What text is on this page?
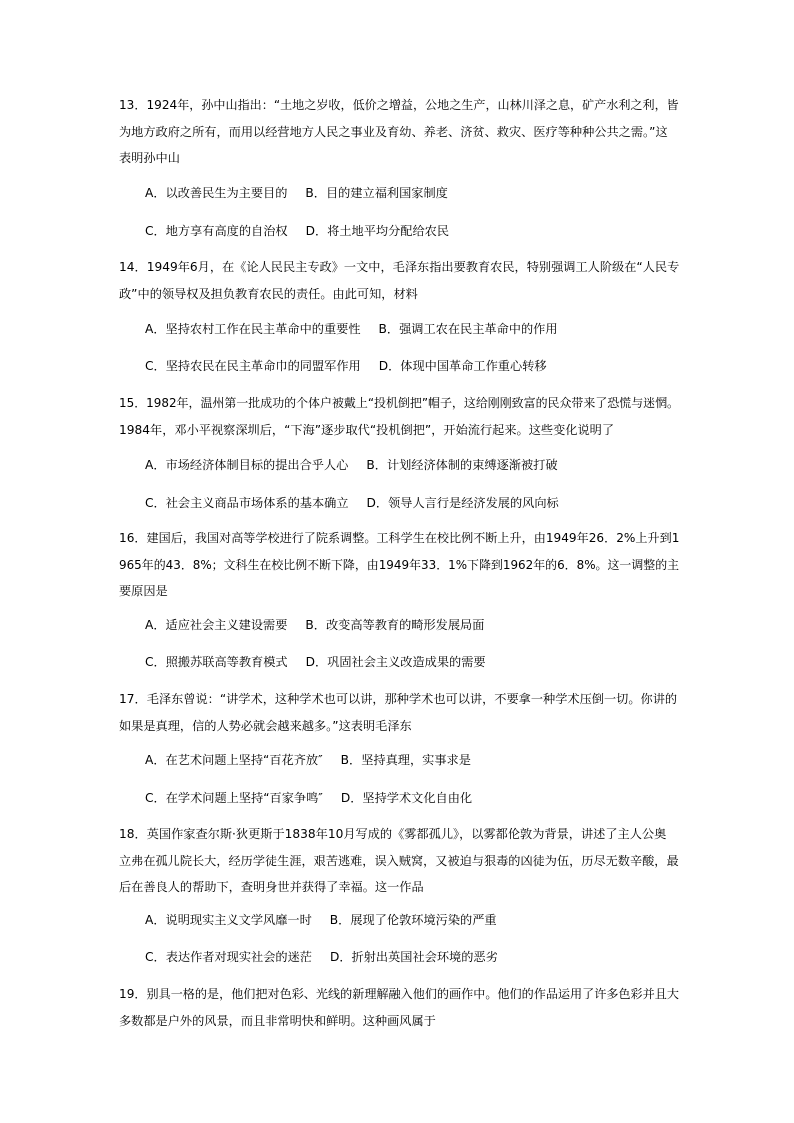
13．1924年，孙中山指出：“土地之岁收，低价之增益，公地之生产，山林川泽之息，矿产水利之利，皆
为地方政府之所有，而用以经营地方人民之事业及育幼、养老、济贫、救灾、医疗等种种公共之需。”这
表明孙中山
A．以改善民生为主要目的 B．目的建立福利国家制度
C．地方享有高度的自治权 D．将土地平均分配给农民
14．1949年6月，在《论人民民主专政》一文中，毛泽东指出要教育农民，特别强调工人阶级在“人民专
政”中的领导权及担负教育农民的责任。由此可知，材料
A．坚持农村工作在民主革命中的重要性 B．强调工农在民主革命中的作用
C．坚持农民在民主革命巾的同盟军作用 D．体现中国革命工作重心转移
15．1982年，温州第一批成功的个体户被戴上“投机倒把”帽子，这给刚刚致富的民众带来了恐慌与迷惘。
1984年，邓小平视察深圳后，“下海”逐步取代“投机倒把”，开始流行起来。这些变化说明了
A．市场经济体制目标的提出合乎人心 B．计划经济体制的束缚逐渐被打破
C．社会主义商品市场体系的基本确立 D．领导人言行是经济发展的风向标
16．建国后，我国对高等学校进行了院系调整。工科学生在校比例不断上升，由1949年26．2%上升到1
965年的43．8%；文科生在校比例不断下降，由1949年33．1%下降到1962年的6．8%。这一调整的主
要原因是
A．适应社会主义建设需要 B．改变高等教育的畸形发展局面
C．照搬苏联高等教育模式 D．巩固社会主义改造成果的需要
17．毛泽东曾说：“讲学术，这种学术也可以讲，那种学术也可以讲，不要拿一种学术压倒一切。你讲的
如果是真理，信的人势必就会越来越多。”这表明毛泽东
A．在艺术问题上坚持“百花齐放″ B．坚持真理，实事求是
C．在学术问题上坚持“百家争鸣″ D．坚持学术文化自由化
18．英国作家查尔斯·狄更斯于1838年10月写成的《雾都孤儿》，以雾都伦敦为背景，讲述了主人公奥
立弗在孤儿院长大，经历学徒生涯，艰苦逃难，误入贼窝，又被迫与狠毒的凶徒为伍，历尽无数辛酸，最
后在善良人的帮助下，查明身世并获得了幸福。这一作品
A．说明现实主义文学风靡一时 B．展现了伦敦环境污染的严重
C．表达作者对现实社会的迷茫 D．折射出英国社会环境的恶劣
19．别具一格的是，他们把对色彩、光线的新理解融入他们的画作中。他们的作品运用了许多色彩并且大
多数都是户外的风景，而且非常明快和鲜明。这种画风属于
